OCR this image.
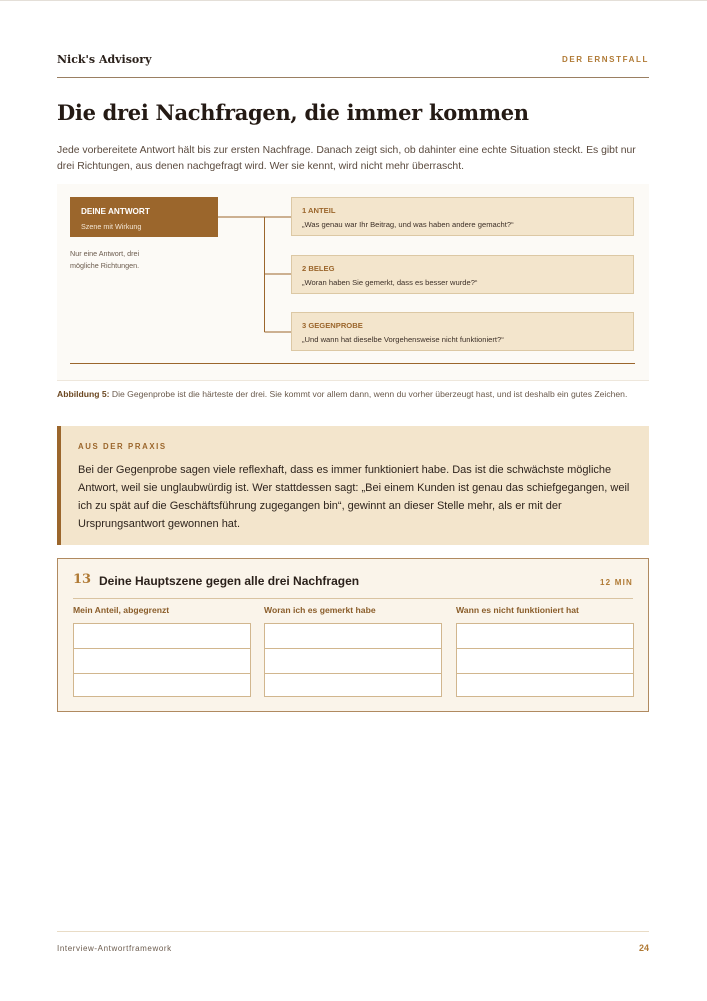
Nick's Advisory	DER ERNSTFALL
Die drei Nachfragen, die immer kommen

Jede vorbereitete Antwort hält bis zur ersten Nachfrage. Danach zeigt sich, ob dahinter eine echte Situation steckt. Es gibt nur drei Richtungen, aus denen nachgefragt wird. Wer sie kennt, wird nicht mehr überrascht.

DEINE ANTWORT
Szene mit Wirkung
Nur eine Antwort, drei mögliche Richtungen.
1 ANTEIL
„Was genau war Ihr Beitrag, und was haben andere gemacht?“
2 BELEG
„Woran haben Sie gemerkt, dass es besser wurde?“
3 GEGENPROBE
„Und wann hat dieselbe Vorgehensweise nicht funktioniert?“

Abbildung 5: Die Gegenprobe ist die härteste der drei. Sie kommt vor allem dann, wenn du vorher überzeugt hast, und ist deshalb ein gutes Zeichen.

AUS DER PRAXIS

Bei der Gegenprobe sagen viele reflexhaft, dass es immer funktioniert habe. Das ist die schwächste mögliche Antwort, weil sie unglaubwürdig ist. Wer stattdessen sagt: „Bei einem Kunden ist genau das schiefgegangen, weil ich zu spät auf die Geschäftsführung zugegangen bin“, gewinnt an dieser Stelle mehr, als er mit der Ursprungsantwort gewonnen hat.

13 Deine Hauptszene gegen alle drei Nachfragen	12 MIN
Mein Anteil, abgegrenzt	Woran ich es gemerkt habe	Wann es nicht funktioniert hat
Interview-Antwortframework	24
